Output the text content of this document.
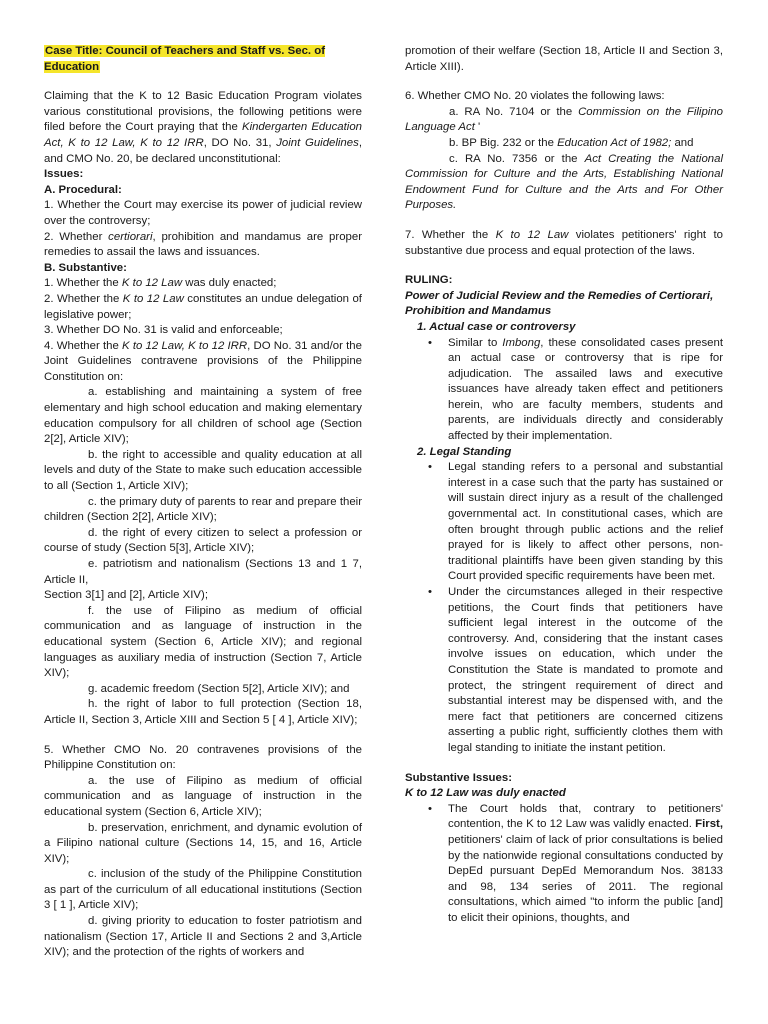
Case Title: Council of Teachers and Staff vs. Sec. of Education

Claiming that the K to 12 Basic Education Program violates various constitutional provisions, the following petitions were filed before the Court praying that the Kindergarten Education Act, K to 12 Law, K to 12 IRR, DO No. 31, Joint Guidelines, and CMO No. 20, be declared unconstitutional:

Issues:

A. Procedural:

1. Whether the Court may exercise its power of judicial review over the controversy;

2. Whether certiorari, prohibition and mandamus are proper remedies to assail the laws and issuances.

B. Substantive:

1. Whether the K to 12 Law was duly enacted;

2. Whether the K to 12 Law constitutes an undue delegation of legislative power;

3. Whether DO No. 31 is valid and enforceable;

4. Whether the K to 12 Law, K to 12 IRR, DO No. 31 and/or the Joint Guidelines contravene provisions of the Philippine Constitution on:

a. establishing and maintaining a system of free elementary and high school education and making elementary education compulsory for all children of school age (Section 2[2], Article XIV);

b. the right to accessible and quality education at all levels and duty of the State to make such education accessible to all (Section 1, Article XIV);

c. the primary duty of parents to rear and prepare their children (Section 2[2], Article XIV);

d. the right of every citizen to select a profession or course of study (Section 5[3], Article XIV);

e. patriotism and nationalism (Sections 13 and 1 7, Article II,

Section 3[1] and [2], Article XIV);

f. the use of Filipino as medium of official communication and as language of instruction in the educational system (Section 6, Article XIV); and regional languages as auxiliary media of instruction (Section 7, Article XIV);

g. academic freedom (Section 5[2], Article XIV); and

h. the right of labor to full protection (Section 18, Article II, Section 3, Article XIII and Section 5 [ 4 ], Article XIV);

5. Whether CMO No. 20 contravenes provisions of the Philippine Constitution on:

a. the use of Filipino as medium of official communication and as language of instruction in the educational system (Section 6, Article XIV);

b. preservation, enrichment, and dynamic evolution of a Filipino national culture (Sections 14, 15, and 16, Article XIV);

c. inclusion of the study of the Philippine Constitution as part of the curriculum of all educational institutions (Section 3 [ 1 ], Article XIV);

d. giving priority to education to foster patriotism and nationalism (Section 17, Article II and Sections 2 and 3,Article XIV); and the protection of the rights of workers and

promotion of their welfare (Section 18, Article II and Section 3, Article XIII).

6. Whether CMO No. 20 violates the following laws:

a. RA No. 7104 or the Commission on the Filipino Language Act '

b. BP Big. 232 or the Education Act of 1982; and

c. RA No. 7356 or the Act Creating the National Commission for Culture and the Arts, Establishing National Endowment Fund for Culture and the Arts and For Other Purposes.

7. Whether the K to 12 Law violates petitioners' right to substantive due process and equal protection of the laws.

RULING:

Power of Judicial Review and the Remedies of Certiorari, Prohibition and Mandamus

1. Actual case or controversy

• Similar to Imbong, these consolidated cases present an actual case or controversy that is ripe for adjudication. The assailed laws and executive issuances have already taken effect and petitioners herein, who are faculty members, students and parents, are individuals directly and considerably affected by their implementation.

2. Legal Standing

• Legal standing refers to a personal and substantial interest in a case such that the party has sustained or will sustain direct injury as a result of the challenged governmental act. In constitutional cases, which are often brought through public actions and the relief prayed for is likely to affect other persons, non-traditional plaintiffs have been given standing by this Court provided specific requirements have been met.

• Under the circumstances alleged in their respective petitions, the Court finds that petitioners have sufficient legal interest in the outcome of the controversy. And, considering that the instant cases involve issues on education, which under the Constitution the State is mandated to promote and protect, the stringent requirement of direct and substantial interest may be dispensed with, and the mere fact that petitioners are concerned citizens asserting a public right, sufficiently clothes them with legal standing to initiate the instant petition.

Substantive Issues:

K to 12 Law was duly enacted

• The Court holds that, contrary to petitioners' contention, the K to 12 Law was validly enacted. First, petitioners' claim of lack of prior consultations is belied by the nationwide regional consultations conducted by DepEd pursuant DepEd Memorandum Nos. 38133 and 98, 134 series of 2011. The regional consultations, which aimed "to inform the public [and] to elicit their opinions, thoughts, and
